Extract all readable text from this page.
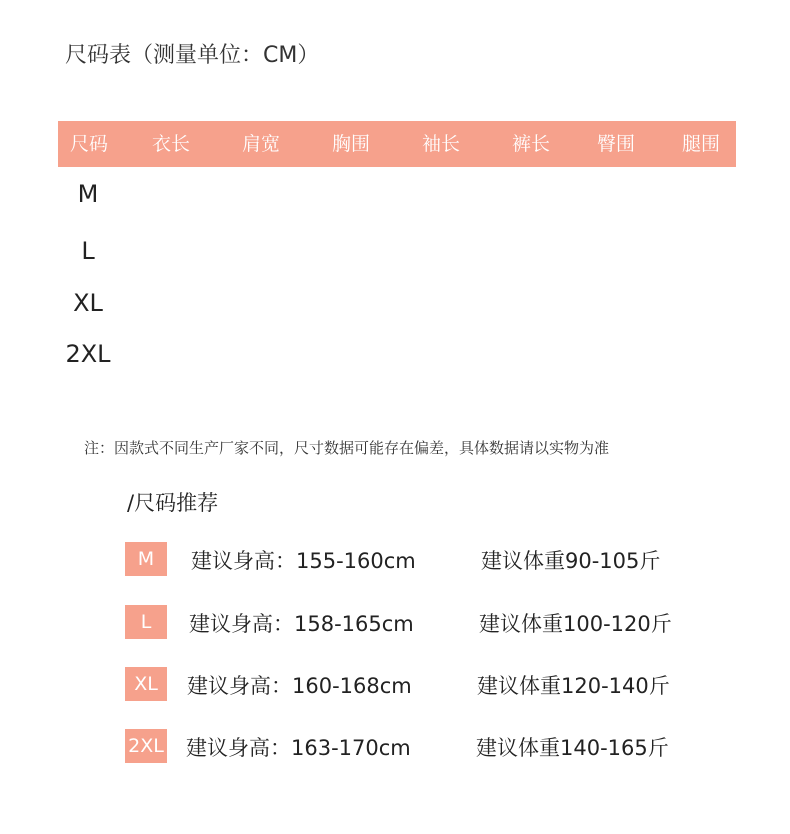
尺码表（测量单位：CM）
尺码 衣长	肩宽	胸围	袖长	裤长 臀围 腿围
M
L
XL
2XL
注：因款式不同生产厂家不同，尺寸数据可能存在偏差，具体数据请以实物为准
/尺码推荐
M	建议身高：155-160cm	建议体重90-105斤
L	建议身高：158-165cm	建议体重100-120斤
XL	建议身高：160-168cm	建议体重120-140斤
2XL 建议身高：163-170cm	建议体重140-165斤
